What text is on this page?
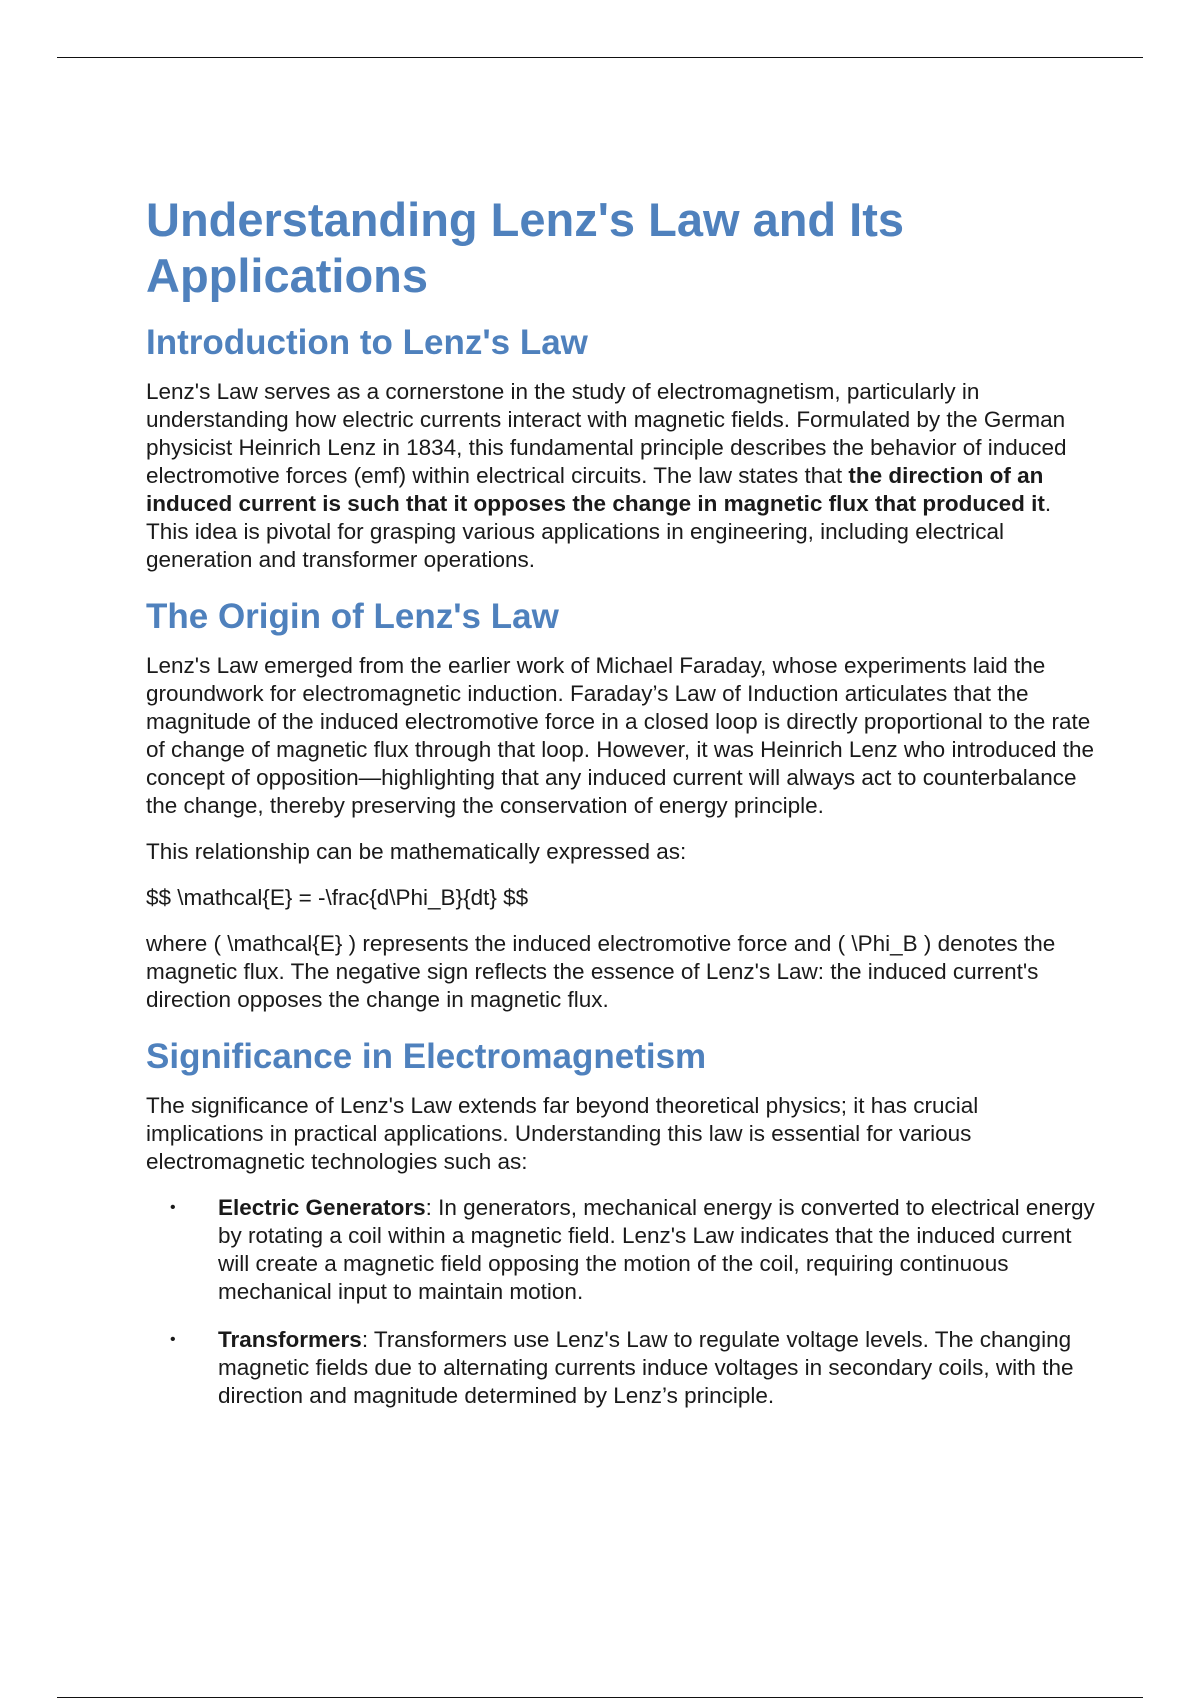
Understanding Lenz's Law and Its Applications
Introduction to Lenz's Law

Lenz's Law serves as a cornerstone in the study of electromagnetism, particularly in understanding how electric currents interact with magnetic fields. Formulated by the German physicist Heinrich Lenz in 1834, this fundamental principle describes the behavior of induced electromotive forces (emf) within electrical circuits. The law states that the direction of an induced current is such that it opposes the change in magnetic flux that produced it. This idea is pivotal for grasping various applications in engineering, including electrical generation and transformer operations.

The Origin of Lenz's Law

Lenz's Law emerged from the earlier work of Michael Faraday, whose experiments laid the groundwork for electromagnetic induction. Faraday’s Law of Induction articulates that the magnitude of the induced electromotive force in a closed loop is directly proportional to the rate of change of magnetic flux through that loop. However, it was Heinrich Lenz who introduced the concept of opposition—highlighting that any induced current will always act to counterbalance the change, thereby preserving the conservation of energy principle.

This relationship can be mathematically expressed as:

$$ \mathcal{E} = -\frac{d\Phi_B}{dt} $$

where ( \mathcal{E} ) represents the induced electromotive force and ( \Phi_B ) denotes the magnetic flux. The negative sign reflects the essence of Lenz's Law: the induced current's direction opposes the change in magnetic flux.

Significance in Electromagnetism

The significance of Lenz's Law extends far beyond theoretical physics; it has crucial implications in practical applications. Understanding this law is essential for various electromagnetic technologies such as:

• Electric Generators: In generators, mechanical energy is converted to electrical energy by rotating a coil within a magnetic field. Lenz's Law indicates that the induced current will create a magnetic field opposing the motion of the coil, requiring continuous mechanical input to maintain motion.
• Transformers: Transformers use Lenz's Law to regulate voltage levels. The changing magnetic fields due to alternating currents induce voltages in secondary coils, with the direction and magnitude determined by Lenz’s principle.
